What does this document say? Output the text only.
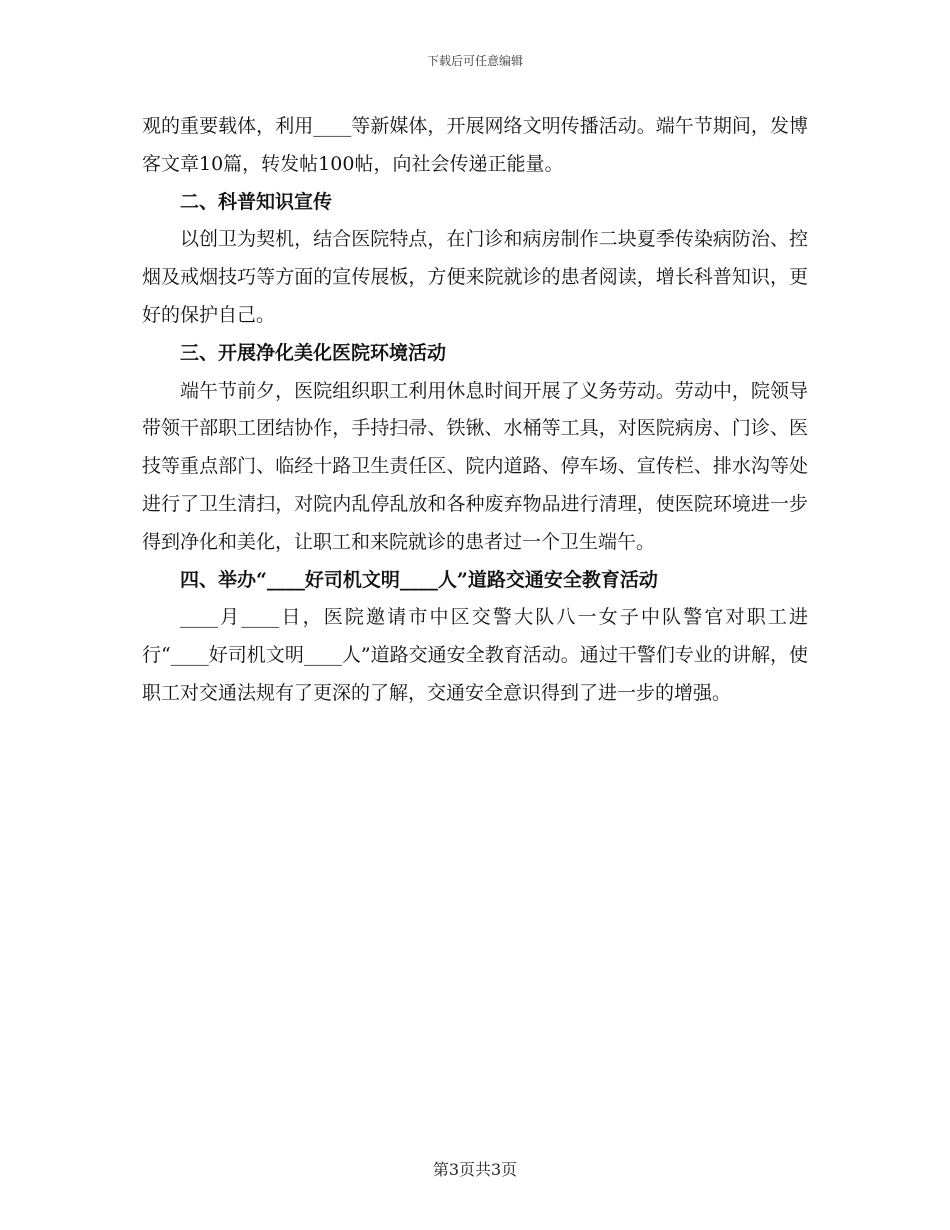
下载后可任意编辑

观的重要载体，利用____等新媒体，开展网络文明传播活动。端午节期间，发博客文章10篇，转发帖100帖，向社会传递正能量。

二、科普知识宣传

以创卫为契机，结合医院特点，在门诊和病房制作二块夏季传染病防治、控烟及戒烟技巧等方面的宣传展板，方便来院就诊的患者阅读，增长科普知识，更好的保护自己。

三、开展净化美化医院环境活动

端午节前夕，医院组织职工利用休息时间开展了义务劳动。劳动中，院领导带领干部职工团结协作，手持扫帚、铁锹、水桶等工具，对医院病房、门诊、医技等重点部门、临经十路卫生责任区、院内道路、停车场、宣传栏、排水沟等处进行了卫生清扫，对院内乱停乱放和各种废弃物品进行清理，使医院环境进一步得到净化和美化，让职工和来院就诊的患者过一个卫生端午。

四、举办“____好司机文明____人”道路交通安全教育活动

____月____日，医院邀请市中区交警大队八一女子中队警官对职工进行“____好司机文明____人”道路交通安全教育活动。通过干警们专业的讲解，使职工对交通法规有了更深的了解，交通安全意识得到了进一步的增强。

第3页共3页
